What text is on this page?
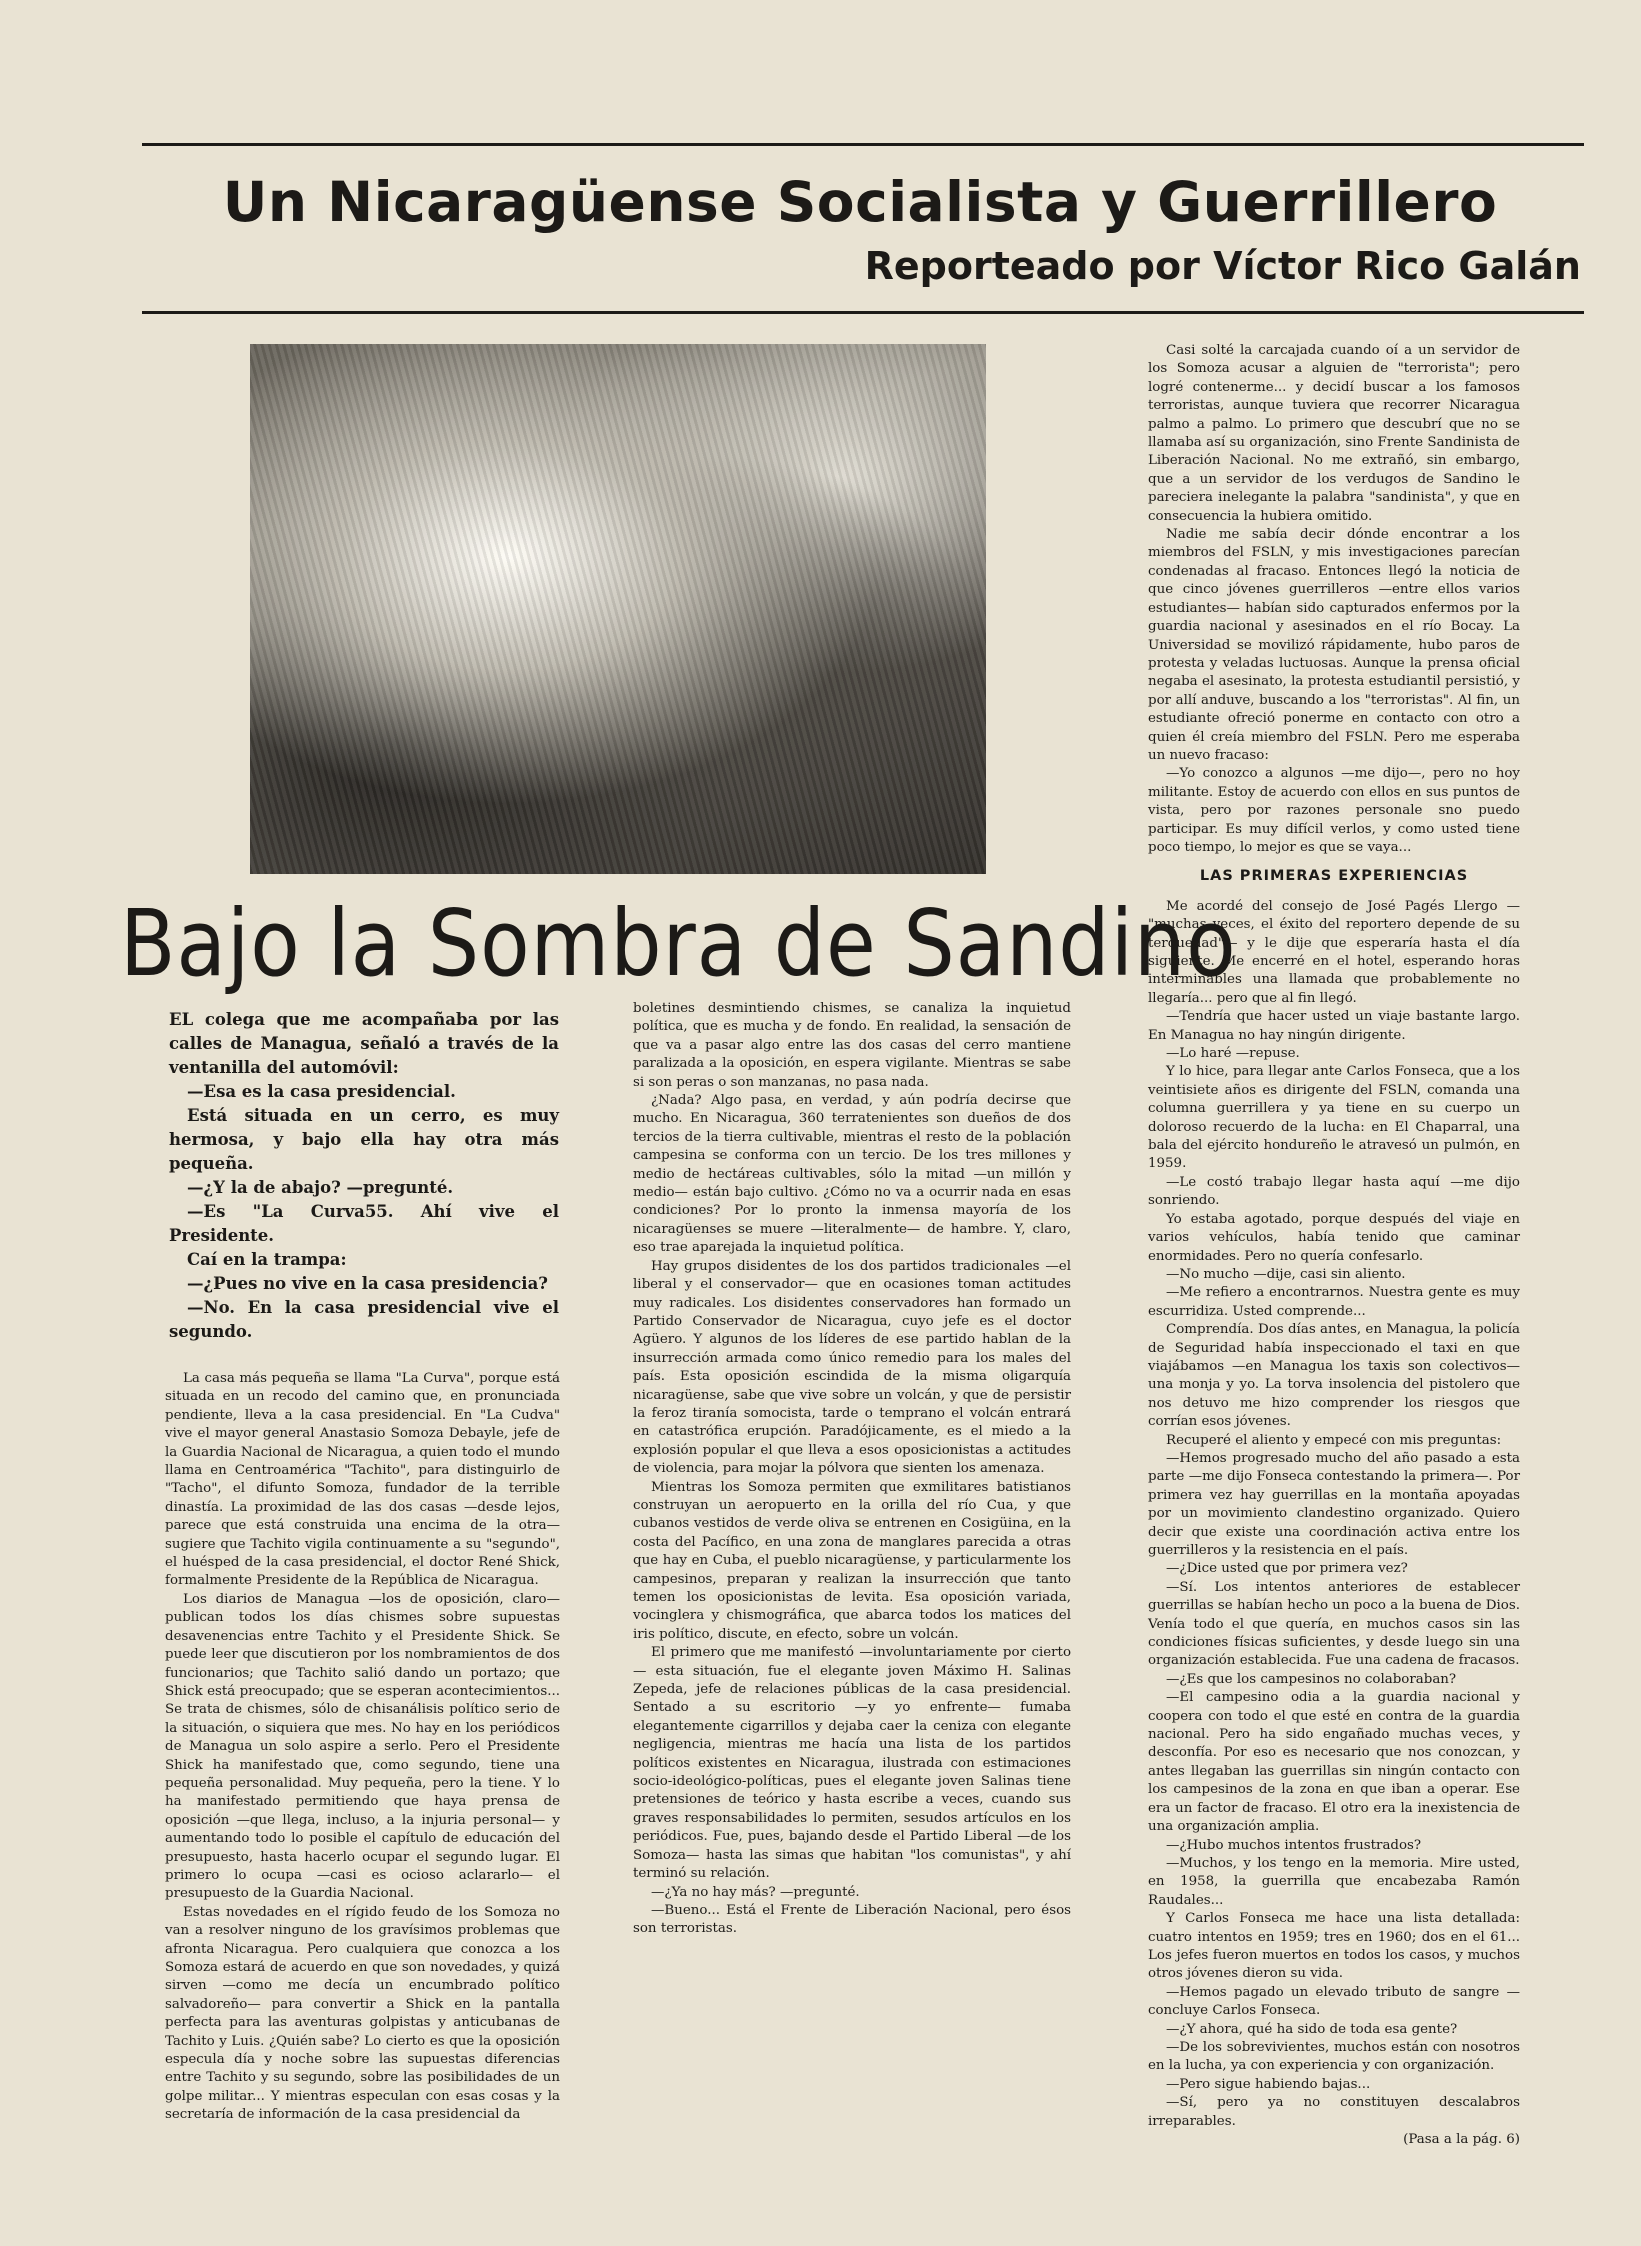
Un Nicaragüense Socialista y Guerrillero
Reporteado por Víctor Rico Galán
Bajo la Sombra de Sandino

EL colega que me acompañaba por las calles de Managua, señaló a través de la ventanilla del automóvil:

—Esa es la casa presidencial.

Está situada en un cerro, es muy hermosa, y bajo ella hay otra más pequeña.

—¿Y la de abajo? —pregunté.

—Es "La Curva55. Ahí vive el Presidente.

Caí en la trampa:

—¿Pues no vive en la casa presidencia?

—No. En la casa presidencial vive el segundo.

La casa más pequeña se llama "La Curva", porque está situada en un recodo del camino que, en pronunciada pendiente, lleva a la casa presidencial. En "La Cudva" vive el mayor general Anastasio Somoza Debayle, jefe de la Guardia Nacional de Nicaragua, a quien todo el mundo llama en Centroamérica "Tachito", para distinguirlo de "Tacho", el difunto Somoza, fundador de la terrible dinastía. La proximidad de las dos casas —desde lejos, parece que está construida una encima de la otra— sugiere que Tachito vigila continuamente a su "segundo", el huésped de la casa presidencial, el doctor René Shick, formalmente Presidente de la República de Nicaragua.

Los diarios de Managua —los de oposición, claro— publican todos los días chismes sobre supuestas desavenencias entre Tachito y el Presidente Shick. Se puede leer que discutieron por los nombramientos de dos funcionarios; que Tachito salió dando un portazo; que Shick está preocupado; que se esperan acontecimientos... Se trata de chismes, sólo de chisanálisis político serio de la situación, o siquiera que mes. No hay en los periódicos de Managua un solo aspire a serlo. Pero el Presidente Shick ha manifestado que, como segundo, tiene una pequeña personalidad. Muy pequeña, pero la tiene. Y lo ha manifestado permitiendo que haya prensa de oposición —que llega, incluso, a la injuria personal— y aumentando todo lo posible el capítulo de educación del presupuesto, hasta hacerlo ocupar el segundo lugar. El primero lo ocupa —casi es ocioso aclararlo— el presupuesto de la Guardia Nacional.

Estas novedades en el rígido feudo de los Somoza no van a resolver ninguno de los gravísimos problemas que afronta Nicaragua. Pero cualquiera que conozca a los Somoza estará de acuerdo en que son novedades, y quizá sirven —como me decía un encumbrado político salvadoreño— para convertir a Shick en la pantalla perfecta para las aventuras golpistas y anticubanas de Tachito y Luis. ¿Quién sabe? Lo cierto es que la oposición especula día y noche sobre las supuestas diferencias entre Tachito y su segundo, sobre las posibilidades de un golpe militar... Y mientras especulan con esas cosas y la secretaría de información de la casa presidencial da

boletines desmintiendo chismes, se canaliza la inquietud política, que es mucha y de fondo. En realidad, la sensación de que va a pasar algo entre las dos casas del cerro mantiene paralizada a la oposición, en espera vigilante. Mientras se sabe si son peras o son manzanas, no pasa nada.

¿Nada? Algo pasa, en verdad, y aún podría decirse que mucho. En Nicaragua, 360 terratenientes son dueños de dos tercios de la tierra cultivable, mientras el resto de la población campesina se conforma con un tercio. De los tres millones y medio de hectáreas cultivables, sólo la mitad —un millón y medio— están bajo cultivo. ¿Cómo no va a ocurrir nada en esas condiciones? Por lo pronto la inmensa mayoría de los nicaragüenses se muere —literalmente— de hambre. Y, claro, eso trae aparejada la inquietud política.

Hay grupos disidentes de los dos partidos tradicionales —el liberal y el conservador— que en ocasiones toman actitudes muy radicales. Los disidentes conservadores han formado un Partido Conservador de Nicaragua, cuyo jefe es el doctor Agüero. Y algunos de los líderes de ese partido hablan de la insurrección armada como único remedio para los males del país. Esta oposición escindida de la misma oligarquía nicaragüense, sabe que vive sobre un volcán, y que de persistir la feroz tiranía somocista, tarde o temprano el volcán entrará en catastrófica erupción. Paradójicamente, es el miedo a la explosión popular el que lleva a esos oposicionistas a actitudes de violencia, para mojar la pólvora que sienten los amenaza.

Mientras los Somoza permiten que exmilitares batistianos construyan un aeropuerto en la orilla del río Cua, y que cubanos vestidos de verde oliva se entrenen en Cosigüina, en la costa del Pacífico, en una zona de manglares parecida a otras que hay en Cuba, el pueblo nicaragüense, y particularmente los campesinos, preparan y realizan la insurrección que tanto temen los oposicionistas de levita. Esa oposición variada, vocinglera y chismográfica, que abarca todos los matices del iris político, discute, en efecto, sobre un volcán.

El primero que me manifestó —involuntariamente por cierto— esta situación, fue el elegante joven Máximo H. Salinas Zepeda, jefe de relaciones públicas de la casa presidencial. Sentado a su escritorio —y yo enfrente— fumaba elegantemente cigarrillos y dejaba caer la ceniza con elegante negligencia, mientras me hacía una lista de los partidos políticos existentes en Nicaragua, ilustrada con estimaciones socio-ideológico-políticas, pues el elegante joven Salinas tiene pretensiones de teórico y hasta escribe a veces, cuando sus graves responsabilidades lo permiten, sesudos artículos en los periódicos. Fue, pues, bajando desde el Partido Liberal —de los Somoza— hasta las simas que habitan "los comunistas", y ahí terminó su relación.

—¿Ya no hay más? —pregunté.

—Bueno... Está el Frente de Liberación Nacional, pero ésos son terroristas.

Casi solté la carcajada cuando oí a un servidor de los Somoza acusar a alguien de "terrorista"; pero logré contenerme... y decidí buscar a los famosos terroristas, aunque tuviera que recorrer Nicaragua palmo a palmo. Lo primero que descubrí que no se llamaba así su organización, sino Frente Sandinista de Liberación Nacional. No me extrañó, sin embargo, que a un servidor de los verdugos de Sandino le pareciera inelegante la palabra "sandinista", y que en consecuencia la hubiera omitido.

Nadie me sabía decir dónde encontrar a los miembros del FSLN, y mis investigaciones parecían condenadas al fracaso. Entonces llegó la noticia de que cinco jóvenes guerrilleros —entre ellos varios estudiantes— habían sido capturados enfermos por la guardia nacional y asesinados en el río Bocay. La Universidad se movilizó rápidamente, hubo paros de protesta y veladas luctuosas. Aunque la prensa oficial negaba el asesinato, la protesta estudiantil persistió, y por allí anduve, buscando a los "terroristas". Al fin, un estudiante ofreció ponerme en contacto con otro a quien él creía miembro del FSLN. Pero me esperaba un nuevo fracaso:

—Yo conozco a algunos —me dijo—, pero no hoy militante. Estoy de acuerdo con ellos en sus puntos de vista, pero por razones personale sno puedo participar. Es muy difícil verlos, y como usted tiene poco tiempo, lo mejor es que se vaya...

LAS PRIMERAS EXPERIENCIAS

Me acordé del consejo de José Pagés Llergo — "muchas veces, el éxito del reportero depende de su terquedad"— y le dije que esperaría hasta el día siguiente. Me encerré en el hotel, esperando horas interminables una llamada que probablemente no llegaría... pero que al fin llegó.

—Tendría que hacer usted un viaje bastante largo. En Managua no hay ningún dirigente.

—Lo haré —repuse.

Y lo hice, para llegar ante Carlos Fonseca, que a los veintisiete años es dirigente del FSLN, comanda una columna guerrillera y ya tiene en su cuerpo un doloroso recuerdo de la lucha: en El Chaparral, una bala del ejército hondureño le atravesó un pulmón, en 1959.

—Le costó trabajo llegar hasta aquí —me dijo sonriendo.

Yo estaba agotado, porque después del viaje en varios vehículos, había tenido que caminar enormidades. Pero no quería confesarlo.

—No mucho —dije, casi sin aliento.

—Me refiero a encontrarnos. Nuestra gente es muy escurridiza. Usted comprende...

Comprendía. Dos días antes, en Managua, la policía de Seguridad había inspeccionado el taxi en que viajábamos —en Managua los taxis son colectivos— una monja y yo. La torva insolencia del pistolero que nos detuvo me hizo comprender los riesgos que corrían esos jóvenes.

Recuperé el aliento y empecé con mis preguntas:

—Hemos progresado mucho del año pasado a esta parte —me dijo Fonseca contestando la primera—. Por primera vez hay guerrillas en la montaña apoyadas por un movimiento clandestino organizado. Quiero decir que existe una coordinación activa entre los guerrilleros y la resistencia en el país.

—¿Dice usted que por primera vez?

—Sí. Los intentos anteriores de establecer guerrillas se habían hecho un poco a la buena de Dios. Venía todo el que quería, en muchos casos sin las condiciones físicas suficientes, y desde luego sin una organización establecida. Fue una cadena de fracasos.

—¿Es que los campesinos no colaboraban?

—El campesino odia a la guardia nacional y coopera con todo el que esté en contra de la guardia nacional. Pero ha sido engañado muchas veces, y desconfía. Por eso es necesario que nos conozcan, y antes llegaban las guerrillas sin ningún contacto con los campesinos de la zona en que iban a operar. Ese era un factor de fracaso. El otro era la inexistencia de una organización amplia.

—¿Hubo muchos intentos frustrados?

—Muchos, y los tengo en la memoria. Mire usted, en 1958, la guerrilla que encabezaba Ramón Raudales...

Y Carlos Fonseca me hace una lista detallada: cuatro intentos en 1959; tres en 1960; dos en el 61... Los jefes fueron muertos en todos los casos, y muchos otros jóvenes dieron su vida.

—Hemos pagado un elevado tributo de sangre — concluye Carlos Fonseca.

—¿Y ahora, qué ha sido de toda esa gente?

—De los sobrevivientes, muchos están con nosotros en la lucha, ya con experiencia y con organización.

—Pero sigue habiendo bajas...

—Sí, pero ya no constituyen descalabros irreparables.

(Pasa a la pág. 6)
